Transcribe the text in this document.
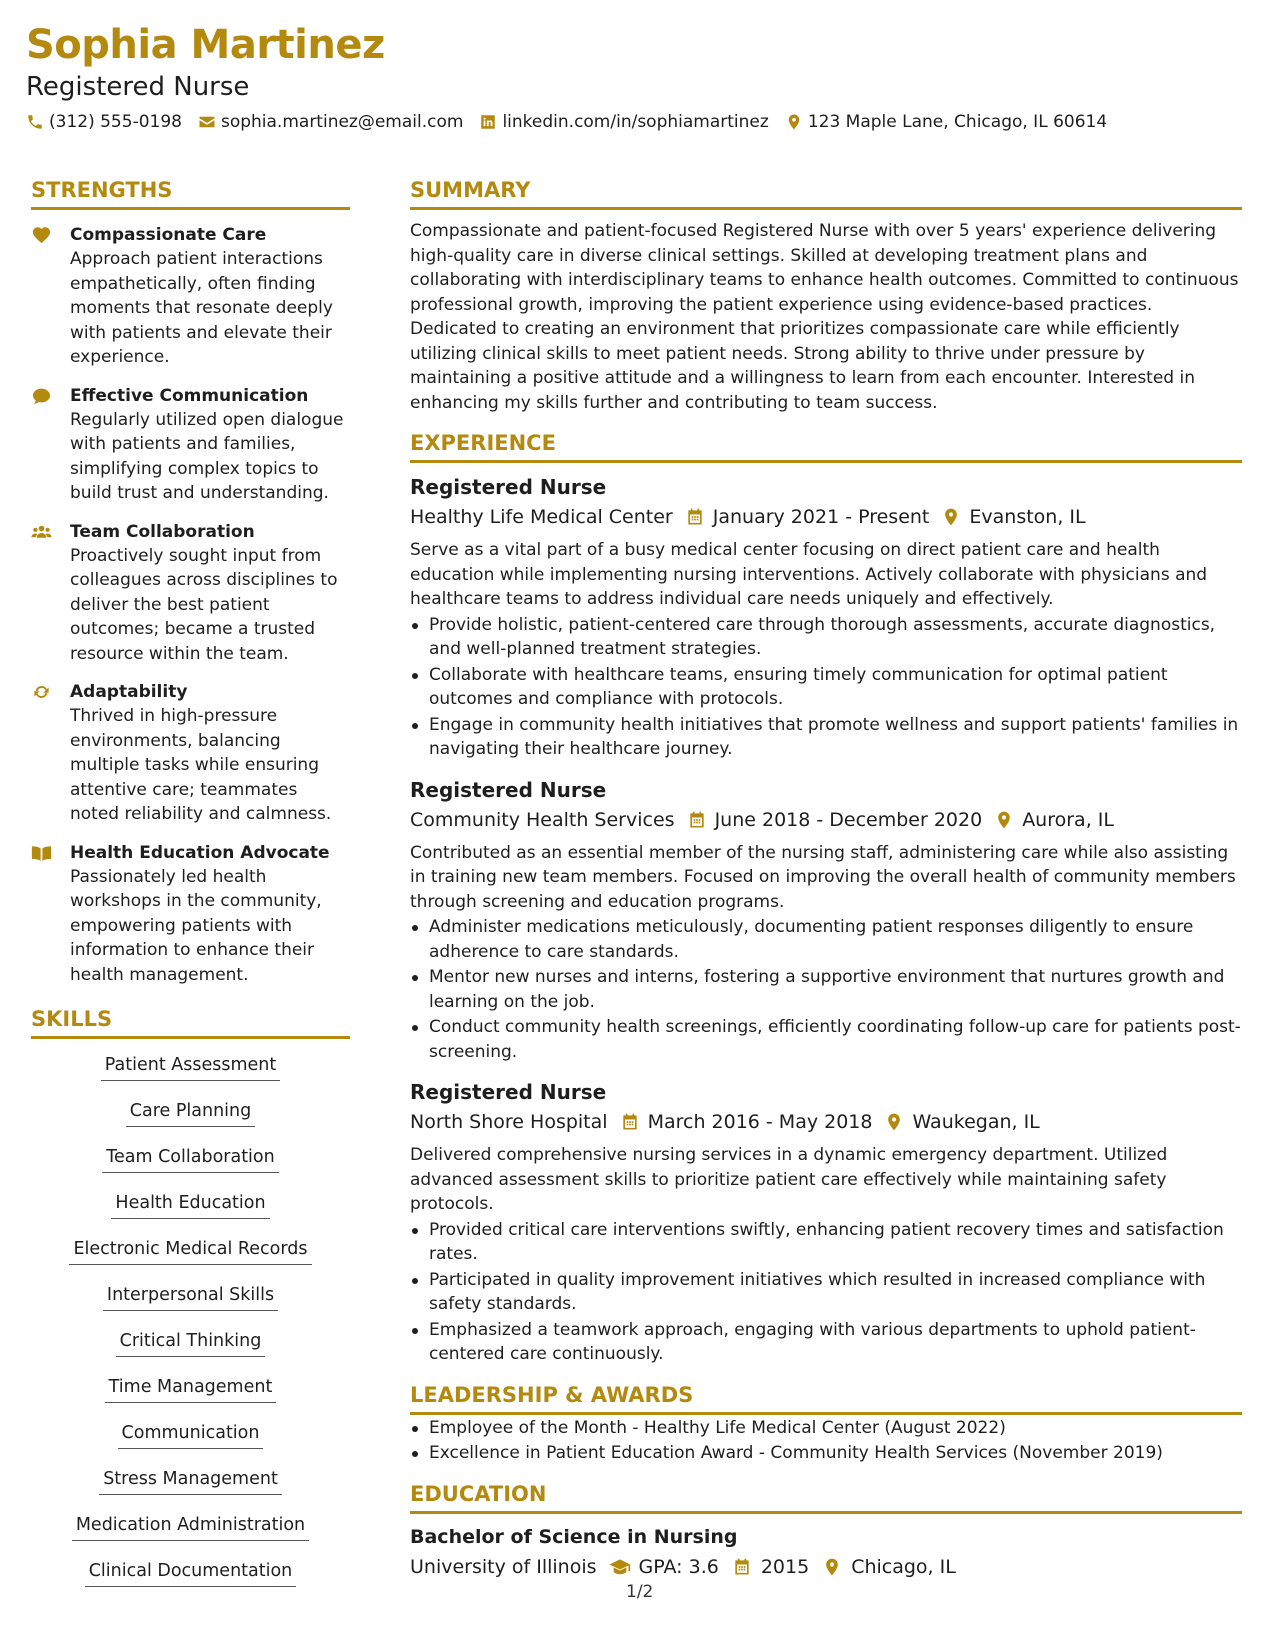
Sophia Martinez
Registered Nurse
(312) 555-0198 sophia.martinez@email.com linkedin.com/in/sophiamartinez 123 Maple Lane, Chicago, IL 60614
STRENGTHS
Compassionate Care
Approach patient interactions empathetically, often finding moments that resonate deeply with patients and elevate their experience.
Effective Communication
Regularly utilized open dialogue with patients and families, simplifying complex topics to build trust and understanding.
Team Collaboration
Proactively sought input from colleagues across disciplines to deliver the best patient outcomes; became a trusted resource within the team.
Adaptability
Thrived in high-pressure environments, balancing multiple tasks while ensuring attentive care; teammates noted reliability and calmness.
Health Education Advocate
Passionately led health workshops in the community, empowering patients with information to enhance their health management.
SKILLS
Patient Assessment
Care Planning
Team Collaboration
Health Education
Electronic Medical Records
Interpersonal Skills
Critical Thinking
Time Management
Communication
Stress Management
Medication Administration
Clinical Documentation
SUMMARY
Compassionate and patient-focused Registered Nurse with over 5 years' experience delivering high-quality care in diverse clinical settings. Skilled at developing treatment plans and collaborating with interdisciplinary teams to enhance health outcomes. Committed to continuous professional growth, improving the patient experience using evidence-based practices. Dedicated to creating an environment that prioritizes compassionate care while efficiently utilizing clinical skills to meet patient needs. Strong ability to thrive under pressure by maintaining a positive attitude and a willingness to learn from each encounter. Interested in enhancing my skills further and contributing to team success.
EXPERIENCE
Registered Nurse
Healthy Life Medical Center January 2021 - Present Evanston, IL
Serve as a vital part of a busy medical center focusing on direct patient care and health education while implementing nursing interventions. Actively collaborate with physicians and healthcare teams to address individual care needs uniquely and effectively.
Provide holistic, patient-centered care through thorough assessments, accurate diagnostics, and well-planned treatment strategies.
Collaborate with healthcare teams, ensuring timely communication for optimal patient outcomes and compliance with protocols.
Engage in community health initiatives that promote wellness and support patients' families in navigating their healthcare journey.
Registered Nurse
Community Health Services June 2018 - December 2020 Aurora, IL
Contributed as an essential member of the nursing staff, administering care while also assisting in training new team members. Focused on improving the overall health of community members through screening and education programs.
Administer medications meticulously, documenting patient responses diligently to ensure adherence to care standards.
Mentor new nurses and interns, fostering a supportive environment that nurtures growth and learning on the job.
Conduct community health screenings, efficiently coordinating follow-up care for patients post-screening.
Registered Nurse
North Shore Hospital March 2016 - May 2018 Waukegan, IL
Delivered comprehensive nursing services in a dynamic emergency department. Utilized advanced assessment skills to prioritize patient care effectively while maintaining safety protocols.
Provided critical care interventions swiftly, enhancing patient recovery times and satisfaction rates.
Participated in quality improvement initiatives which resulted in increased compliance with safety standards.
Emphasized a teamwork approach, engaging with various departments to uphold patient-centered care continuously.
LEADERSHIP & AWARDS
Employee of the Month - Healthy Life Medical Center (August 2022)
Excellence in Patient Education Award - Community Health Services (November 2019)
EDUCATION
Bachelor of Science in Nursing
University of Illinois GPA: 3.6 2015 Chicago, IL
1/2
